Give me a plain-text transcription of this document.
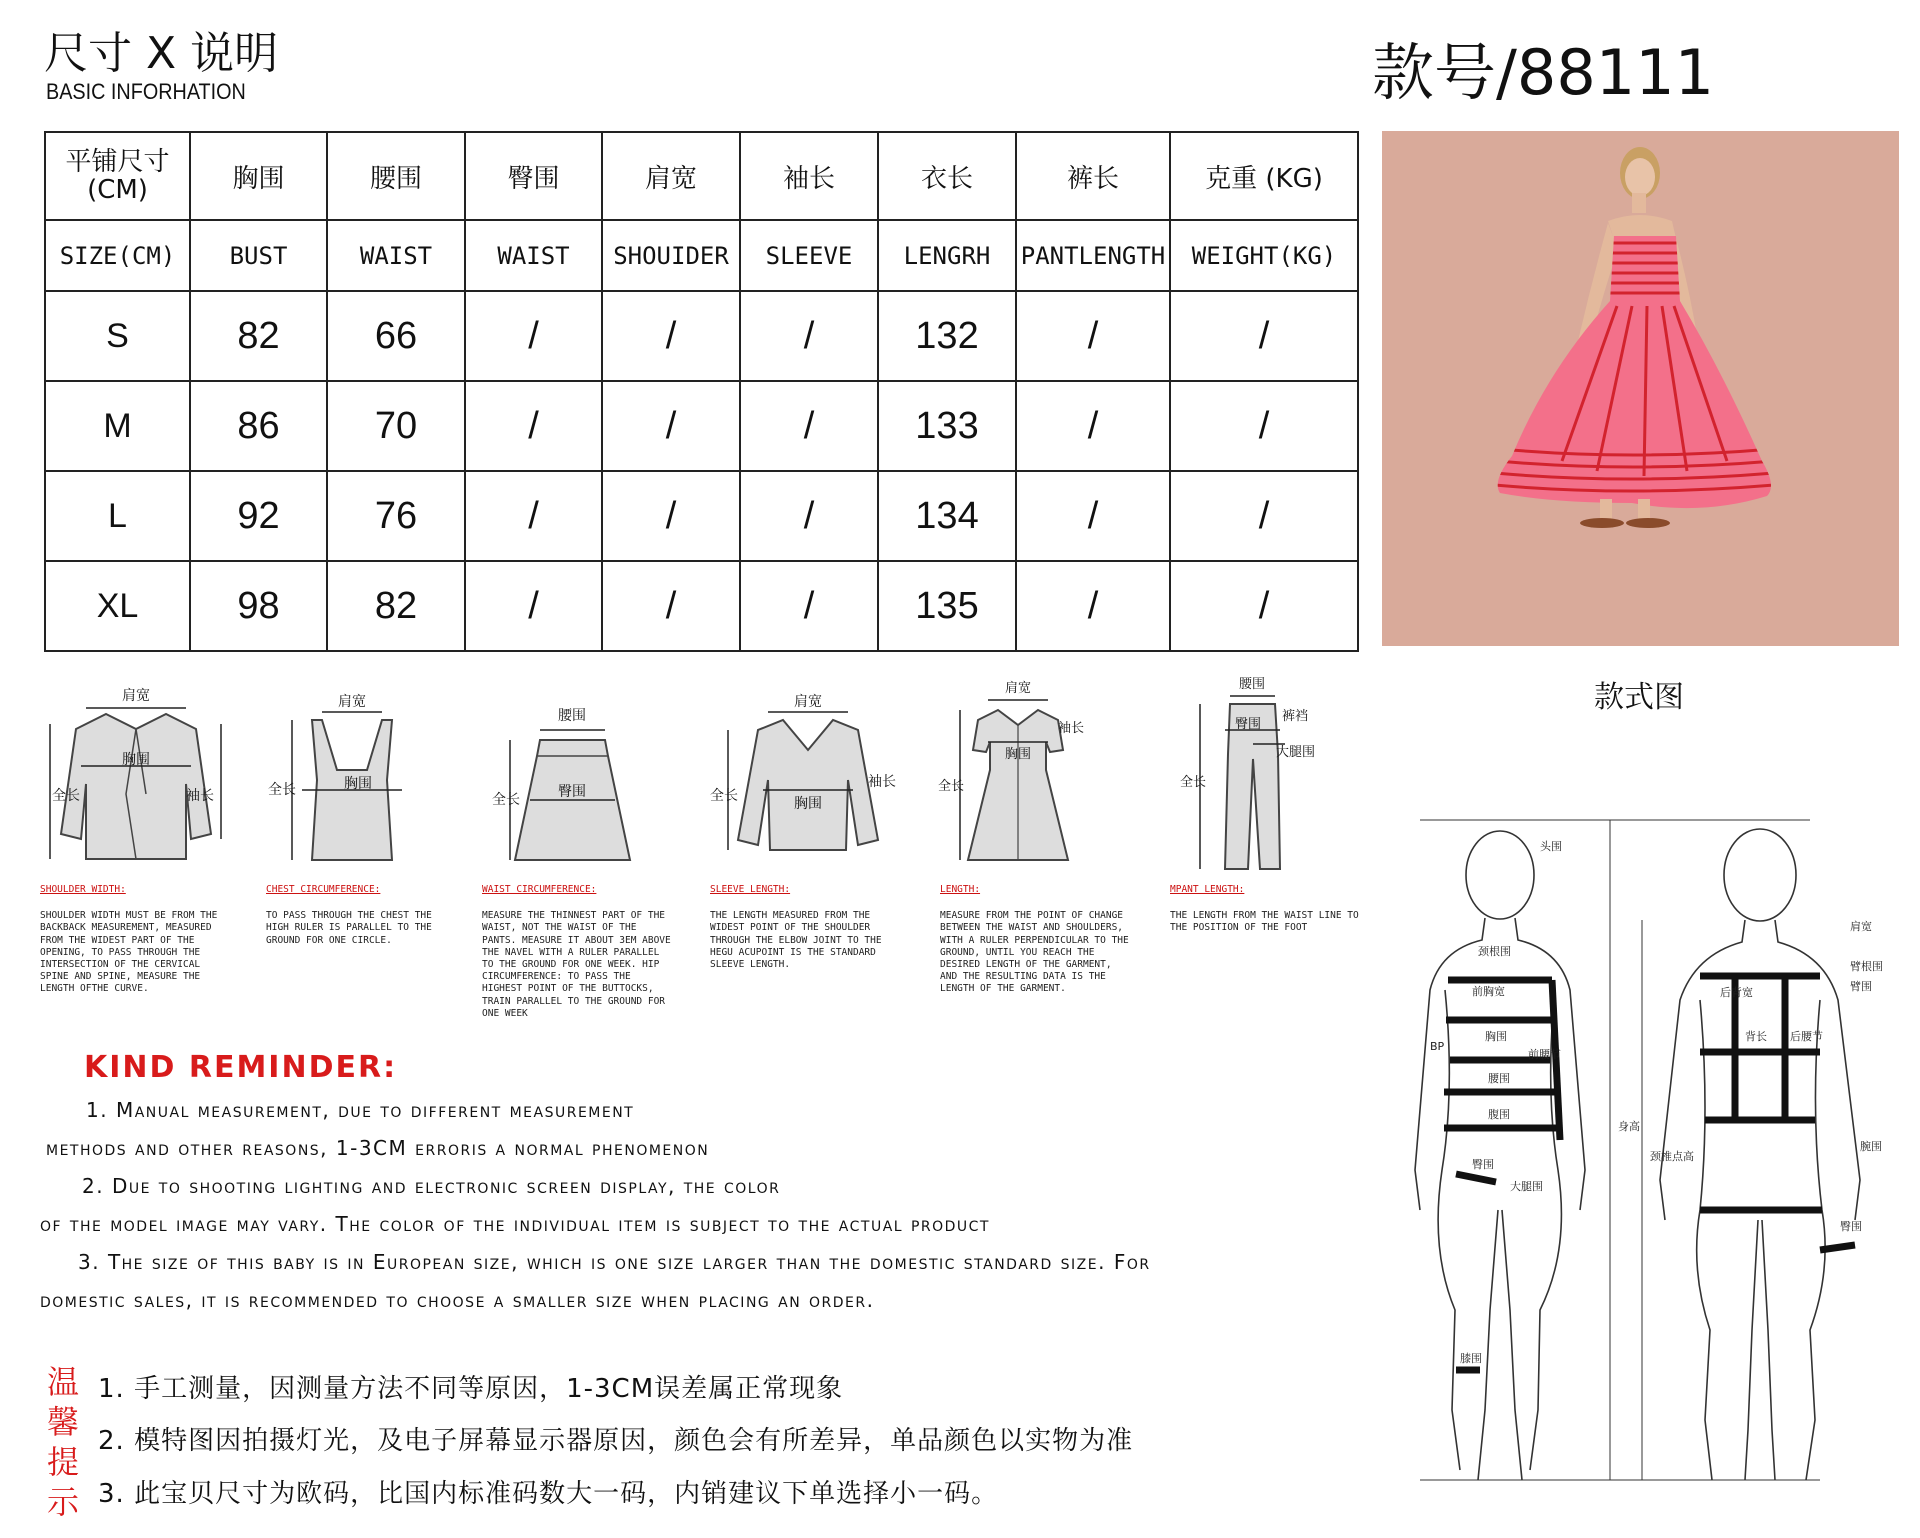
尺寸 X 说明
BASIC INFORHATION	款号/88111
平铺尺寸
(CM)	胸围	腰围	臀围	肩宽	袖长	衣长	裤长	克重 (KG)
SIZE(CM)	BUST	WAIST	WAIST	SHOUIDER	SLEEVE	LENGRH	PANTLENGTH	WEIGHT(KG)
S	82	66	/	/	/	132	/	/
M	86	70	/	/	/	133	/	/
L	92	76	/	/	/	134	/	/
XL	98	82	/	/	/	135	/	/
款式图
肩宽
胸围
全长	袖长
SHOULDER WIDTH:
SHOULDER WIDTH MUST BE FROM THE BACKBACK MEASUREMENT, MEASURED FROM THE WIDEST PART OF THE OPENING, TO PASS THROUGH THE INTERSECTION OF THE CERVICAL SPINE AND SPINE, MEASURE THE LENGTH OFTHE CURVE.
肩宽
胸围
全长
CHEST CIRCUMFERENCE:
TO PASS THROUGH THE CHEST THE HIGH RULER IS PARALLEL TO THE GROUND FOR ONE CIRCLE.
腰围
臀围
全长
WAIST CIRCUMFERENCE:
MEASURE THE THINNEST PART OF THE WAIST, NOT THE WAIST OF THE PANTS. MEASURE IT ABOUT 3EM ABOVE THE NAVEL WITH A RULER PARALLEL TO THE GROUND FOR ONE WEEK. HIP CIRCUMFERENCE: TO PASS THE HIGHEST POINT OF THE BUTTOCKS, TRAIN PARALLEL TO THE GROUND FOR ONE WEEK
肩宽
胸围
全长
袖长
SLEEVE LENGTH:
THE LENGTH MEASURED FROM THE WIDEST POINT OF THE SHOULDER THROUGH THE ELBOW JOINT TO THE HEGU ACUPOINT IS THE STANDARD SLEEVE LENGTH.
肩宽
胸围
全长
袖长
LENGTH:
MEASURE FROM THE POINT OF CHANGE BETWEEN THE WAIST AND SHOULDERS, WITH A RULER PERPENDICULAR TO THE GROUND, UNTIL YOU REACH THE DESIRED LENGTH OF THE GARMENT, AND THE RESULTING DATA IS THE LENGTH OF THE GARMENT.
腰围
臀围
全长
裤裆
大腿围
MPANT LENGTH:
THE LENGTH FROM THE WAIST LINE TO THE POSITION OF THE FOOT
KIND REMINDER:
1. Manual measurement, due to different measurement
methods and other reasons, 1-3CM erroris a normal phenomenon
2. Due to shooting lighting and electronic screen display, the color
of the model image may vary. The color of the individual item is subject to the actual product
3. The size of this baby is in European size, which is one size larger than the domestic standard size. For
domestic sales, it is recommended to choose a smaller size when placing an order.
温
馨
提
示
1. 手工测量，因测量方法不同等原因，1-3CM误差属正常现象
2. 模特图因拍摄灯光，及电子屏幕显示器原因，颜色会有所差异，单品颜色以实物为准
3. 此宝贝尺寸为欧码，比国内标准码数大一码，内销建议下单选择小一码。
头围
颈根围
前胸宽
胸围
BP
前腰节
腰围
腹围
臀围
大腿围
膝围
肩宽
臂根围
臂围
后背宽
背长 后腰节
腕围
臀围
身高
颈椎点高
